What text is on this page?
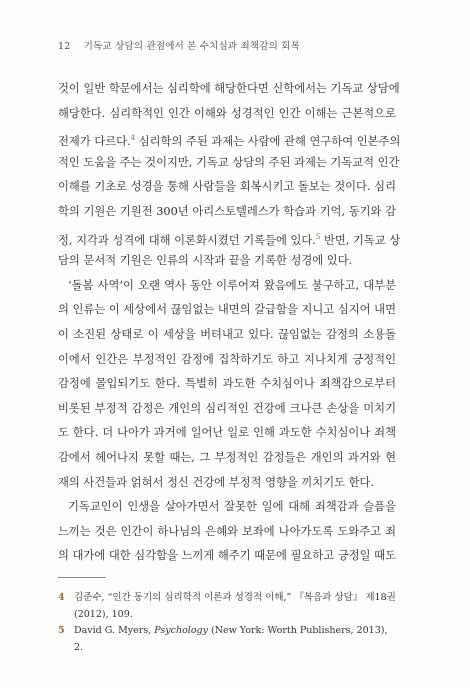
12 기독교 상담의 관점에서 본 수치심과 죄책감의 회복
것이 일반 학문에서는 심리학에 해당한다면 신학에서는 기독교 상담에
해당한다. 심리학적인 인간 이해와 성경적인 인간 이해는 근본적으로
전제가 다르다.$^4$ 심리학의 주된 과제는 사람에 관해 연구하여 인본주의
적인 도움을 주는 것이지만, 기독교 상담의 주된 과제는 기독교적 인간
이해를 기초로 성경을 통해 사람들을 회복시키고 돌보는 것이다. 심리
학의 기원은 기원전 300년 아리스토텔레스가 학습과 기억, 동기와 감
정, 지각과 성격에 대해 이론화시켰던 기록들에 있다.$^5$ 반면, 기독교 상
담의 문서적 기원은 인류의 시작과 끝을 기록한 성경에 있다.
‘돌봄 사역’이 오랜 역사 동안 이루어져 왔음에도 불구하고, 대부분
의 인류는 이 세상에서 끊임없는 내면의 갈급함을 지니고 심지어 내면
이 소진된 상태로 이 세상을 버텨내고 있다. 끊임없는 감정의 소용돌
이에서 인간은 부정적인 감정에 집착하기도 하고 지나치게 긍정적인
감정에 몰입되기도 한다. 특별히 과도한 수치심이나 죄책감으로부터
비롯된 부정적 감정은 개인의 심리적인 건강에 크나큰 손상을 미치기
도 한다. 더 나아가 과거에 일어난 일로 인해 과도한 수치심이나 죄책
감에서 헤어나지 못할 때는, 그 부정적인 감정들은 개인의 과거와 현
재의 사건들과 얽혀서 정신 건강에 부정적 영향을 끼치기도 한다.
기독교인이 인생을 살아가면서 잘못한 일에 대해 죄책감과 슬픔을
느끼는 것은 인간이 하나님의 은혜와 보좌에 나아가도록 도와주고 죄
의 대가에 대한 심각함을 느끼게 해주기 때문에 필요하고 긍정일 때도
4 김준수, “인간 동기의 심리학적 이론과 성경적 이해,” 『복음과 상담』 제18권 (2012), 109.
5 David G. Myers, Psychology (New York: Worth Publishers, 2013), 2.
